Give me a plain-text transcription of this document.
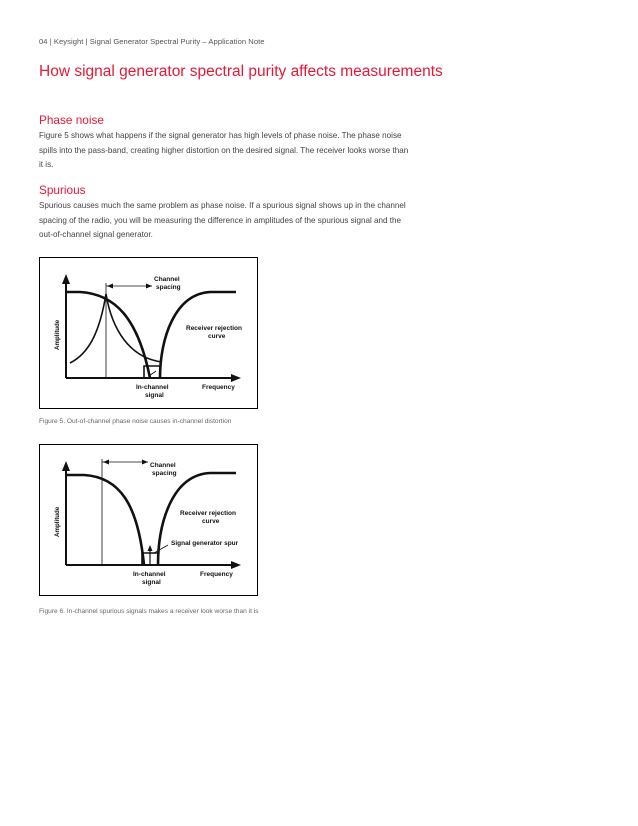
04 | Keysight | Signal Generator Spectral Purity – Application Note
How signal generator spectral purity affects measurements
Phase noise

Figure 5 shows what happens if the signal generator has high levels of phase noise. The phase noise spills into the pass-band, creating higher distortion on the desired signal. The receiver looks worse than it is.

Spurious

Spurious causes much the same problem as phase noise. If a spurious signal shows up in the channel spacing of the radio, you will be measuring the difference in amplitudes of the spurious signal and the out-of-channel signal generator.

Channel
spacing
Receiver rejection
curve
Frequency
In-channel
signal
Amplitude

Figure 5. Out-of-channel phase noise causes in-channel distortion

Channel
spacing
Receiver rejection
curve
Signal generator spur
Frequency
In-channel
signal
Amplitude

Figure 6. In-channel spurious signals makes a receiver look worse than it is
